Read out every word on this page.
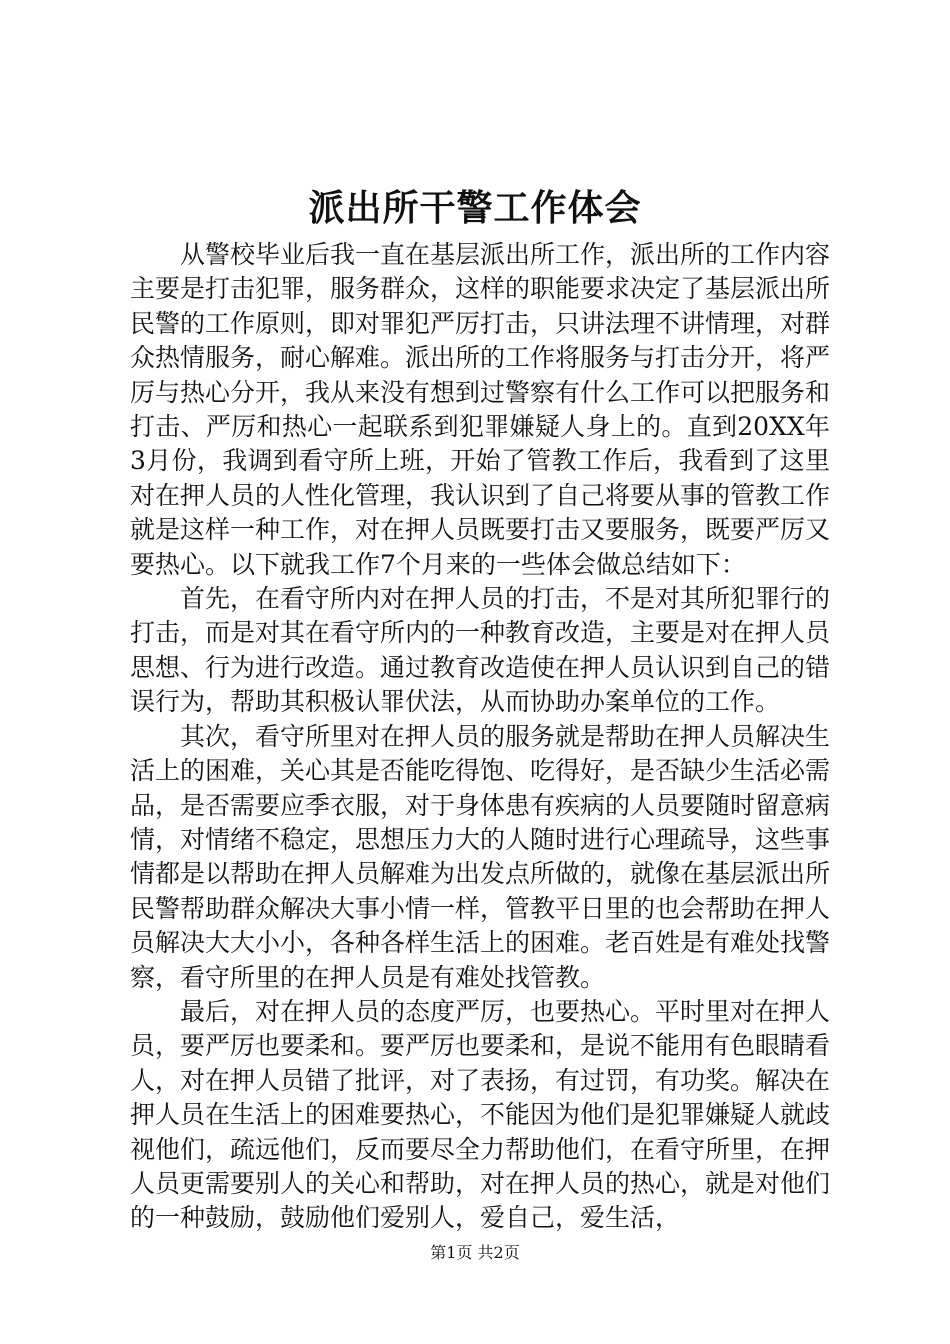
派出所干警工作体会

从警校毕业后我一直在基层派出所工作，派出所的工作内容主要是打击犯罪，服务群众，这样的职能要求决定了基层派出所民警的工作原则，即对罪犯严厉打击，只讲法理不讲情理，对群众热情服务，耐心解难。派出所的工作将服务与打击分开，将严厉与热心分开，我从来没有想到过警察有什么工作可以把服务和打击、严厉和热心一起联系到犯罪嫌疑人身上的。直到20XX年3月份，我调到看守所上班，开始了管教工作后，我看到了这里对在押人员的人性化管理，我认识到了自己将要从事的管教工作就是这样一种工作，对在押人员既要打击又要服务，既要严厉又要热心。以下就我工作7个月来的一些体会做总结如下：

首先，在看守所内对在押人员的打击，不是对其所犯罪行的打击，而是对其在看守所内的一种教育改造，主要是对在押人员思想、行为进行改造。通过教育改造使在押人员认识到自己的错误行为，帮助其积极认罪伏法，从而协助办案单位的工作。

其次，看守所里对在押人员的服务就是帮助在押人员解决生活上的困难，关心其是否能吃得饱、吃得好，是否缺少生活必需品，是否需要应季衣服，对于身体患有疾病的人员要随时留意病情，对情绪不稳定，思想压力大的人随时进行心理疏导，这些事情都是以帮助在押人员解难为出发点所做的，就像在基层派出所民警帮助群众解决大事小情一样，管教平日里的也会帮助在押人员解决大大小小，各种各样生活上的困难。老百姓是有难处找警察，看守所里的在押人员是有难处找管教。

最后，对在押人员的态度严厉，也要热心。平时里对在押人员，要严厉也要柔和。要严厉也要柔和，是说不能用有色眼睛看人，对在押人员错了批评，对了表扬，有过罚，有功奖。解决在押人员在生活上的困难要热心，不能因为他们是犯罪嫌疑人就歧视他们，疏远他们，反而要尽全力帮助他们，在看守所里，在押人员更需要别人的关心和帮助，对在押人员的热心，就是对他们的一种鼓励，鼓励他们爱别人，爱自己，爱生活，

第1页 共2页
